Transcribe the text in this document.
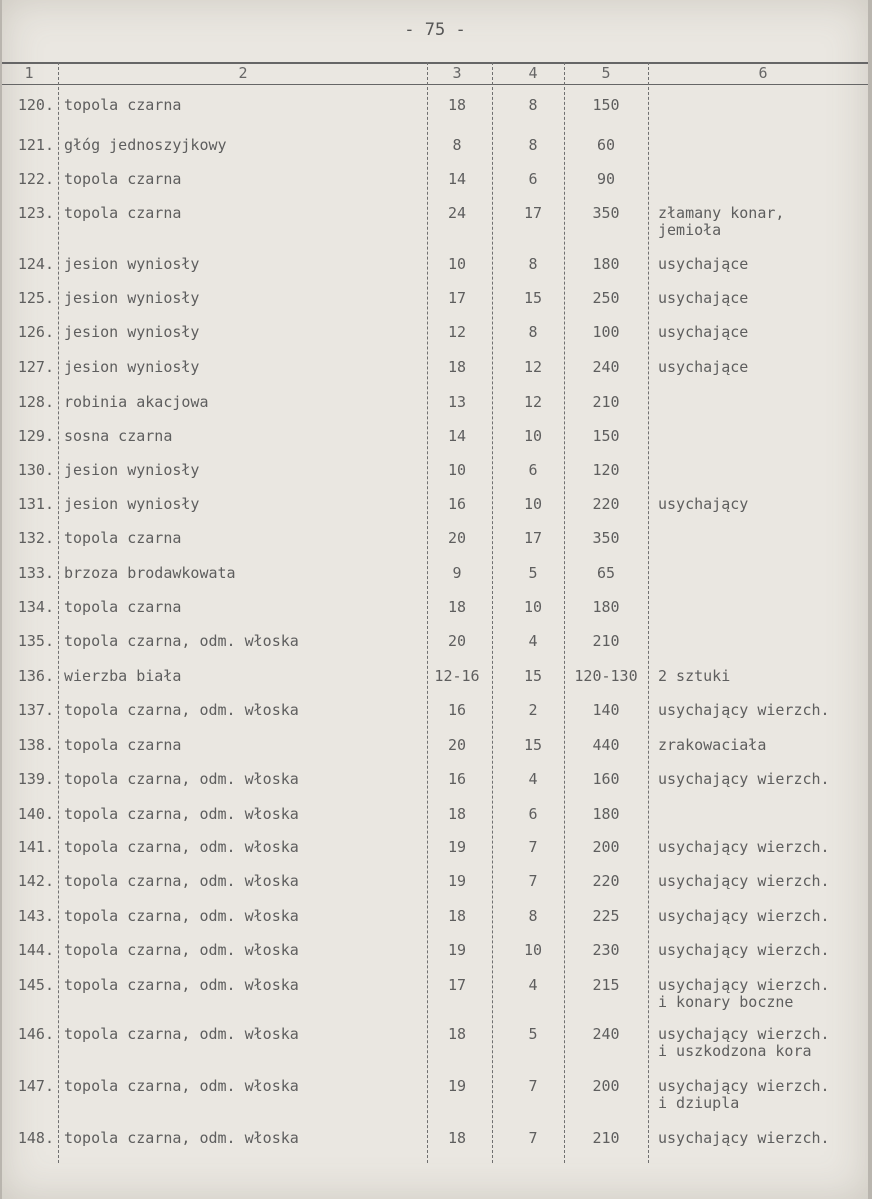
- 75 -
1	2	3	4	5	6
120. topola czarna	18	8	150
121. głóg jednoszyjkowy	8	8	60
122. topola czarna	14	6	90
123. topola czarna	24	17	350	złamany konar,
jemioła
124. jesion wyniosły	10	8	180	usychające
125. jesion wyniosły	17	15	250	usychające
126. jesion wyniosły	12	8	100	usychające
127. jesion wyniosły	18	12	240	usychające
128. robinia akacjowa	13	12	210
129. sosna czarna	14	10	150
130. jesion wyniosły	10	6	120
131. jesion wyniosły	16	10	220	usychający
132. topola czarna	20	17	350
133. brzoza brodawkowata	9	5	65
134. topola czarna	18	10	180
135. topola czarna, odm. włoska	20	4	210
136. wierzba biała	12-16	15	120-130	2 sztuki
137. topola czarna, odm. włoska	16	2	140	usychający wierzch.
138. topola czarna	20	15	440	zrakowaciała
139. topola czarna, odm. włoska	16	4	160	usychający wierzch.
140. topola czarna, odm. włoska	18	6	180
141. topola czarna, odm. włoska	19	7	200	usychający wierzch.
142. topola czarna, odm. włoska	19	7	220	usychający wierzch.
143. topola czarna, odm. włoska	18	8	225	usychający wierzch.
144. topola czarna, odm. włoska	19	10	230	usychający wierzch.
145. topola czarna, odm. włoska	17	4	215	usychający wierzch.
i konary boczne
146. topola czarna, odm. włoska	18	5	240	usychający wierzch.
i uszkodzona kora
147. topola czarna, odm. włoska	19	7	200	usychający wierzch.
i dziupla
148. topola czarna, odm. włoska	18	7	210	usychający wierzch.
